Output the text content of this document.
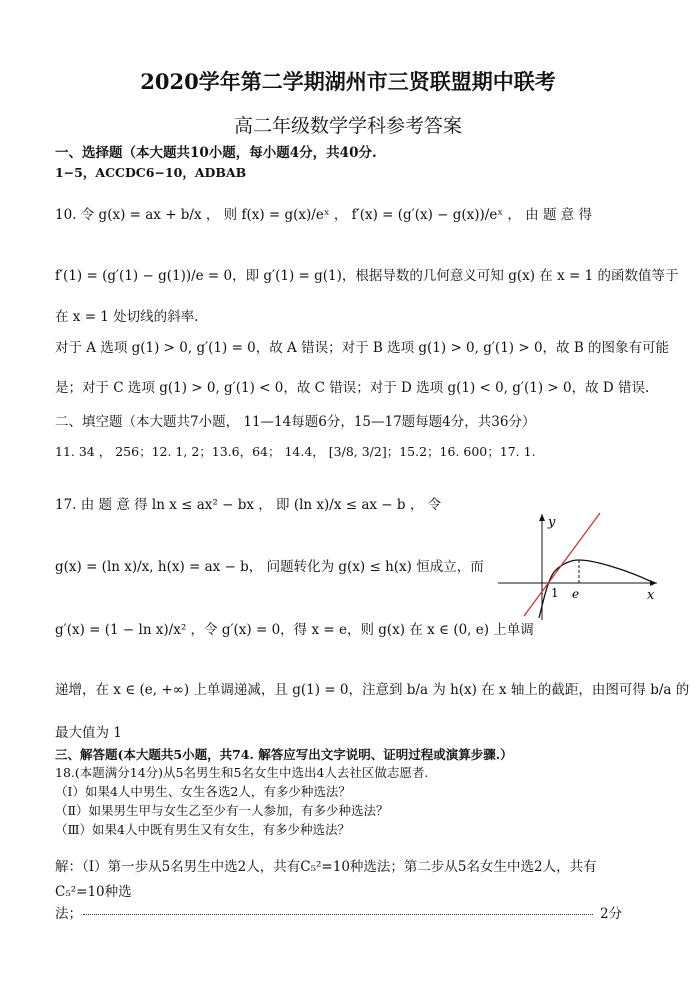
2020学年第二学期湖州市三贤联盟期中联考
高二年级数学学科参考答案
一、选择题（本大题共10小题，每小题4分，共40分.
1−5，ACCDC6−10，ADBAB
10. 令 g(x) = ax + b/x ， 则 f(x) = g(x)/eˣ ， f′(x) = (g′(x) − g(x))/eˣ ， 由 题 意 得
f′(1) = (g′(1) − g(1))/e = 0，即 g′(1) = g(1)，根据导数的几何意义可知 g(x) 在 x = 1 的函数值等于
在 x = 1 处切线的斜率.
对于 A 选项 g(1) > 0, g′(1) = 0，故 A 错误；对于 B 选项 g(1) > 0, g′(1) > 0，故 B 的图象有可能
是；对于 C 选项 g(1) > 0, g′(1) < 0，故 C 错误；对于 D 选项 g(1) < 0, g′(1) > 0，故 D 错误.
二、填空题（本大题共7小题， 11—14每题6分，15—17题每题4分，共36分）
11. 34 ， 256；12. 1, 2；13.6，64； 14.4， [3/8, 3/2]；15.2；16. 600；17. 1.
17. 由 题 意 得 ln x ≤ ax² − bx ， 即 (ln x)/x ≤ ax − b ， 令
g(x) = (ln x)/x, h(x) = ax − b， 问题转化为 g(x) ≤ h(x) 恒成立，而
g′(x) = (1 − ln x)/x² ，令 g′(x) = 0，得 x = e，则 g(x) 在 x ∈ (0, e) 上单调
递增，在 x ∈ (e, +∞) 上单调递减，且 g(1) = 0，注意到 b/a 为 h(x) 在 x 轴上的截距，由图可得 b/a 的
最大值为 1
y
x
1 e
三、解答题(本大题共5小题，共74. 解答应写出文字说明、证明过程或演算步骤.）
18.(本题满分14分)从5名男生和5名女生中选出4人去社区做志愿者.
（Ⅰ）如果4人中男生、女生各选2人，有多少种选法？
（Ⅱ）如果男生甲与女生乙至少有一人参加，有多少种选法？
（Ⅲ）如果4人中既有男生又有女生，有多少种选法？
解：（Ⅰ）第一步从5名男生中选2人，共有C₅²=10种选法；第二步从5名女生中选2人，共有
C₅²=10种选
法；	2分
